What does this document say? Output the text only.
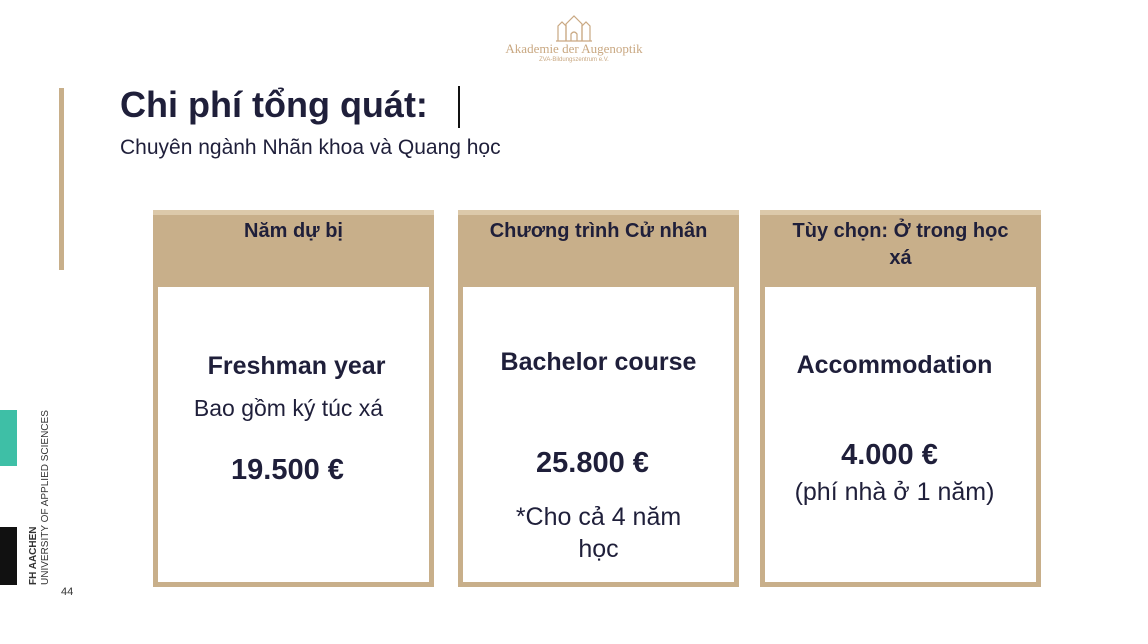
Akademie der Augenoptik
ZVA-Bildungszentrum e.V.
Chi phí tổng quát:
Chuyên ngành Nhãn khoa và Quang học
Năm dự bị
Freshman year
Bao gồm ký túc xá
19.500 €
Chương trình Cử nhân
Bachelor course
25.800 €
*Cho cả 4 năm
học
Tùy chọn: Ở trong học xá
Accommodation
4.000 €
(phí nhà ở 1 năm)
FH AACHEN UNIVERSITY OF APPLIED SCIENCES
44
